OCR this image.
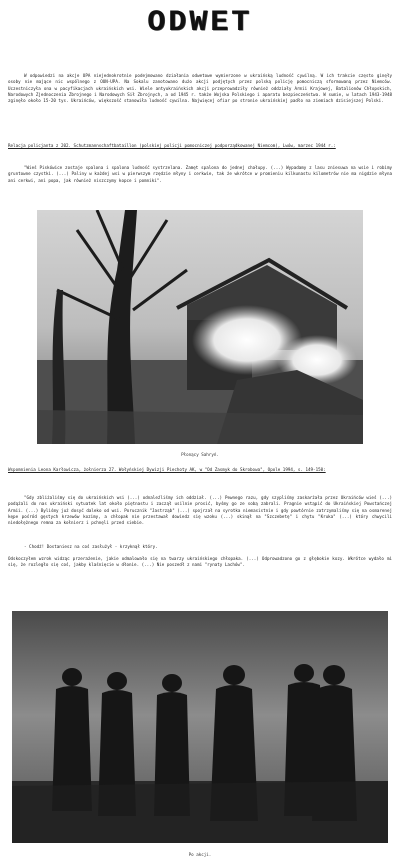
ODWET
W odpowiedzi na akcje UPA niejednokrotnie podejmowano działania odwetowe wymierzone w ukraińską ludność cywilną. W ich trakcie często ginęły osoby nie mające nic wspólnego z OUN-UPA. Na Sokalu zanotowano dużo akcji podjętych przez polską policję pomocniczą sformowaną przez Niemców. Uczestniczyła ona w pacyfikacjach ukraińskich wsi. Wiele antyukraińskich akcji przeprowadziły również oddziały Armii Krajowej, Batalionów Chłopskich, Narodowych Zjednoczenia Zbrojnego i Narodowych Sił Zbrojnych, a od 1945 r. także Wojska Polskiego i aparatu bezpieczeństwa. W sumie, w latach 1943-1948 zginęło około 15-20 tys. Ukraińców, większość stanowiła ludność cywilna. Najwięcej ofiar po stronie ukraińskiej padło na ziemiach dzisiejszej Polski.
Relacja policjanta z 202. Schutzmannschaftbataillon (polskiej policji pomocniczej podporządkowanej Niemcom), Lwów, marzec 1944 r.:
"Wieś Piskówice zostaje spalona i spalona ludność systrzelana. Zamęt spalona do jednej chałupy. (...) Wypadamy z lasu zniesuwa na wsie i robimy gruntowne czystki. (...) Paliny w każdej wsi w pierwszym rzędzie młyny i cerkwie, tak że wkrótce w promieniu kilkunastu kilometrów nie ma nigdzie młyna ani cerkwi, ani popa, jak również niszczymy kopce i pomniki".
Płonący Sahryń.
Wspomnienia Leona Karłowicza, żołnierza 27. Wołyńskiej Dywizji Piechoty AK, w "Od Zasmyk do Skrobowa", Opole 1994, s. 149-150:
"Gdy zbliżaliśmy się do ukraińskich wsi (...) odnaleźliśmy ich oddział. (...) Pewnego razu, gdy szypliśmy zaskarżała przez Ukraińców wieś (...) podążali do nas ukraiński sytuatek lat około piętnastu i zaczął usilnie prosić, byśmy go ze sobą zabrali. Pragnie wstąpić do Ukraińskiej Powstańczej Armii. (...) Byliśmy już dosyć daleko od wsi. Porucznik "Jastrząb" (...) spojrzał na syrotka niemasistnie i gdy powtórnie zatrzymaliśmy się na osmarenej kępe pośród gęstych krzewów kozimy, a chłopak nie przestawał dowiedz się wzoku (...) skinął na "Szczebetę" i chytu "Kruka" (...) który chwycili niedołężnego remna za kołnierz i pchnęli przed siebie.
- Chodź! Dostaniesz na coś zasłużył - krzyknął który.
Odskoczyłem wzrok widząc przerażenie, jakie odmalowało się na twarzy ukraińskiego chłopaka. (...) Odprowadzono go z głębokie kozy. Wkrótce wydało mi się, że rozległo się coś, jakby klaśnięcie w dłonie. (...) Nie poszedł z nami "rynaty Lachów".
Po akcji.
